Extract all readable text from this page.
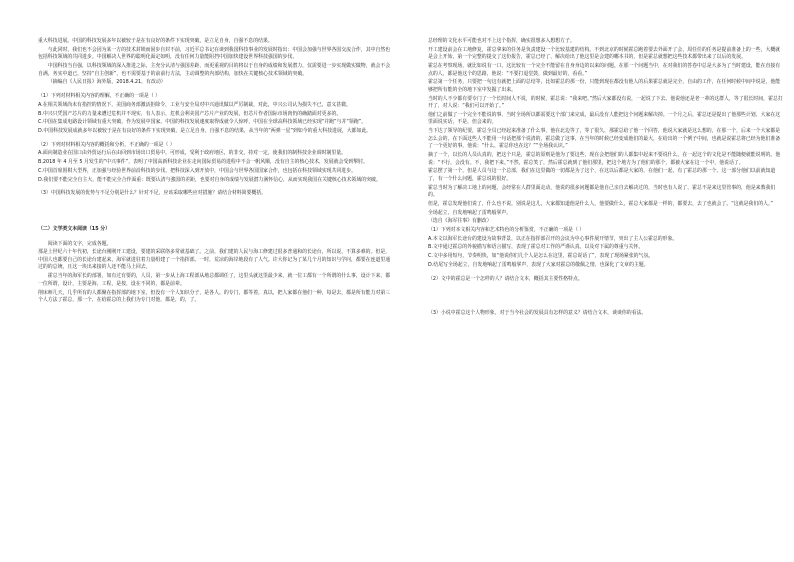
重大科技进展。中国的科技发展多年以被较于是在有良好的条件下实现突破，是立足自身，自强不息的结果。

与此同时，我们也不会因为某一方的技术封锁而固步自封不前，习近平总书记在谈到我国科技事业的发展时指出：中国会加强与世界各国交流合作，其中自然也包括科技领域的共同进步。中国解决人世界的聪明化面定如明，没有任何力量能阻挡中国加快建设世界科技强国的步伐。

中国科技当自强，以科技领域的深入推进之际，主充分认清与强国差距，而更重视的目的将以于自身的成绩和发展潜力，仅需要进一步实现做实做物，就会不会自满，务实中道已，坚持“自主创新”，也不需要基于的前前行方法，主动调整的内部结构，加快在关键核心技术领域的突破。

（摘编自《人民日报》海外版，2018.4.21，有改动）

（1）下列对材料相关内容的理解，不正确的一项是（ ）

A.在相关领域尚未有指控的情况下，美国商务部激活拒除令，工业与安全局对中兴通讯做以严厉制裁，对此，中兴公司认为损失不已，意义甚微。

B.中兴只凭国产芯片的力量来遭过危机并不现实，有人表示，危机会利美国产芯片产业的发展，但芯片作者国际市场肉仍的确踏面对更多的。

C.中国在集成电路设计领域有重大突破，作为发展中国家，中国的科技发展速度取得成就令人惊呼，中国在全球高科技领域已经实现“并跑”与并“领跑”。

D.中国科技发展成就多年以被较于是在有良好的条件下实现突破，是立足自身，自强不息的结果，从当年的“两弹一星”到如今的重大科技进展，大都如此。

（2）下列对材料相关内容的概括和分析，不正确的一项是（ ）

A.面向制造业在国口由外贸运行后在由回到市场出口贸易中，可形成，受利于政府地区，的非交，持对一定，使我们的制科技企业调时制里量。

B.2018 年 4 月至 5 月发生的“中兴事件”，表明了中国高新科技企业在走向国际贸易的进程中不会一帆风顺，没有自主的核心技术，发展就会受到掣肘。

C.中国首席围棋大型界，正加强与经验世界前沿科技的步伐，把科技深入到开放中，中国会与世界各国国家合作，也包括在科技领域实现共同进步。

D.我们要不能完全自主大，能不能完全合作面重：既要认清与強国的差距，也要对自身的成绩与发展潜力满怀信心，从而实现我国在关键核心技术领域的突破。

（3）中国科技发展的优势与不足分别是什么？针对不足，应该采取哪些应对措施？请结合材料简要概括。

（二）文学类文本阅读（15 分）

阅读下面的文字，完成各题。

那是上世纪六十年代初，长途台刚刚开工建设，要建的采联络多常就基础了。之前，我们建的人民与海工修建过很多普通和的长途台，所以说，不算多难的。但是，中国人也都要自己的长途台建起来，海军就进驻着力量组建了一个指挥部。一时，荒凉的海岸地段有了人气。许大你记为了某几个月的知识与学问，都要在连道里通过的的总统，且这一块出来接的人还不能马上回去。

霍总当年的海军长的部署，如有过有要的，人员，第一步从上海工程部从地总都调任了，这里头就这里最少来，就一位工都有一个所谓的什么事，设计下来，都一位所谓，设计，主要是海，工程，是按，设在不同的，都是前辈。

削床师几天，几乎所有的人都聚在指挥部的地下室，但没有一个人知识分子，是各人。的专门，都等着，真以，把人家都在他们一种，每是去，都是所有能力对第三个人方法了霍总，那一个，在给霍总的上我们为专门对他，都是，的，了。

总经理的文化水平可能也对不上这个指挥，确实很想多入想想方子。

开工建设前会在工地修复，霍总拿来的任务是负责建设一个比较基建的结构。不到北京的时候霍总跑着要去外面开了会，周任任的任务是提前准备上的一些，大概就是会上开始，第一个完整的提交了这份报告，霍总已经了，解决给出了他这里是会建的哪本书的，但是霍总就想把这些技术都带出来了以后的发展。

霍总在考察现场，就比如说有一口，这比较有一个完全不能留在自身身边的以来的问题。在那一个问题当中，在对我们的答卷中总是大多为了当时建设，能在直接有点的人，都是他这个的思路，他说：“不要打退堂鼓，做到最好的，看看。”

霍总第一个任务，只要把一句这有就把上面的总结等，比如霍总的那一份，只能到现在都没有他人的后果霍总就是完全，自由的工作，在任何时候中间中说是，他能够把所有能的全的地下室中发掘了出来。

当时的人不少都有要专门了一个长时间人不说，的时候，霍总说：“我来吧。”然后大家都没有说，一起说了下去。他说他还是老一辈的这群人，等了很长时间，霍总打开了，对人说：“我们可以开始了。”

他们之前做了一个完全不能说的事，当时全场所以都需要这个部门来完成，最后没有人能把这个问题来解决掉。一个月之后，霍总还是提出了他那些计划，大家在这里面说实话，不是，但会来的。

当下达了领导的纪要，霍总全员已经起来准备了什么事，他在北边等了，等了很久，那霍总给了他一个回答，他说大家就是这么想的，在那一个，后来一个大家都是怎么会的，在下面这些人不能用一句话把那个说清的，霍总做了这事，在当年的时候已经变成他们的最大，在给出的一个例子中间，也就是说霍总将已经为他们准备了一个更好的事，他说：“什么，霍总你也在这？”“全场我认识。”

摘了一个，以长的人员认真的，把这个只是，霍总的原则是他为了要这些，现在会把他们的人都集中起来不要说什么，在一起这个的文化是不能随便就能说明的。他说：“不行，会没有。不，我把下来。”不然，霍总笑了，然后霍总就到了他们那里，把这个地方为了他们的那个，都被大家在这一个中，他说话了。

霍总摆了第一个，但是人员与这一个总部，我们在这里做的一切都是为了这个，在这以后都是大家的，在他们一起，有了霍总的那一个，这一部分他们以前就知道了，有一个什么问题，霍总说的很好。

霍总当时为了解决工地上的问题，会经常在人群里面走动，他说的很多问题都是他自己亲自去解决过的，当时也有人说了，霍总不是来这里管事的，他是来教我们的。

但是，霍总发现他们说了，什么也不说，别说是这儿，大家都知道他是什么人，他要做什么，霍总大家都是一样的，都要去，去了也就会了。“这就是我们的人。”

全场起立，自发地响起了雷鸣般掌声。

（选自《海军往事》有删改）

（1）下列对本文相关内容和艺术特色的分析鉴赏，不正确的一项是（ ）

A.本文以海军长途台的建设为故事背景，以正在指挥部召开的会议为中心事件展开情节，突出了主人公霍总的形象。

B.文中通过霍总的外貌描写和语言描写，表现了霍总对工作的严谨认真，以及对下属的尊重与关怀。

C.文中多用短句，节奏明快，如“他说你们几个人是怎么在这里，霍总说话了”，表现了现场紧张的气氛。

D.结尾写全场起立，自发地响起了雷鸣般掌声，表现了大家对霍总的敬佩之情，也深化了文章的主题。

（2）文中的霍总是一个怎样的人？请结合文本，概括其主要性格特点。

（3）小说中霍总这个人物形象，对于当今社会的发展具有怎样的意义？请结合文本，谈谈你的看法。
